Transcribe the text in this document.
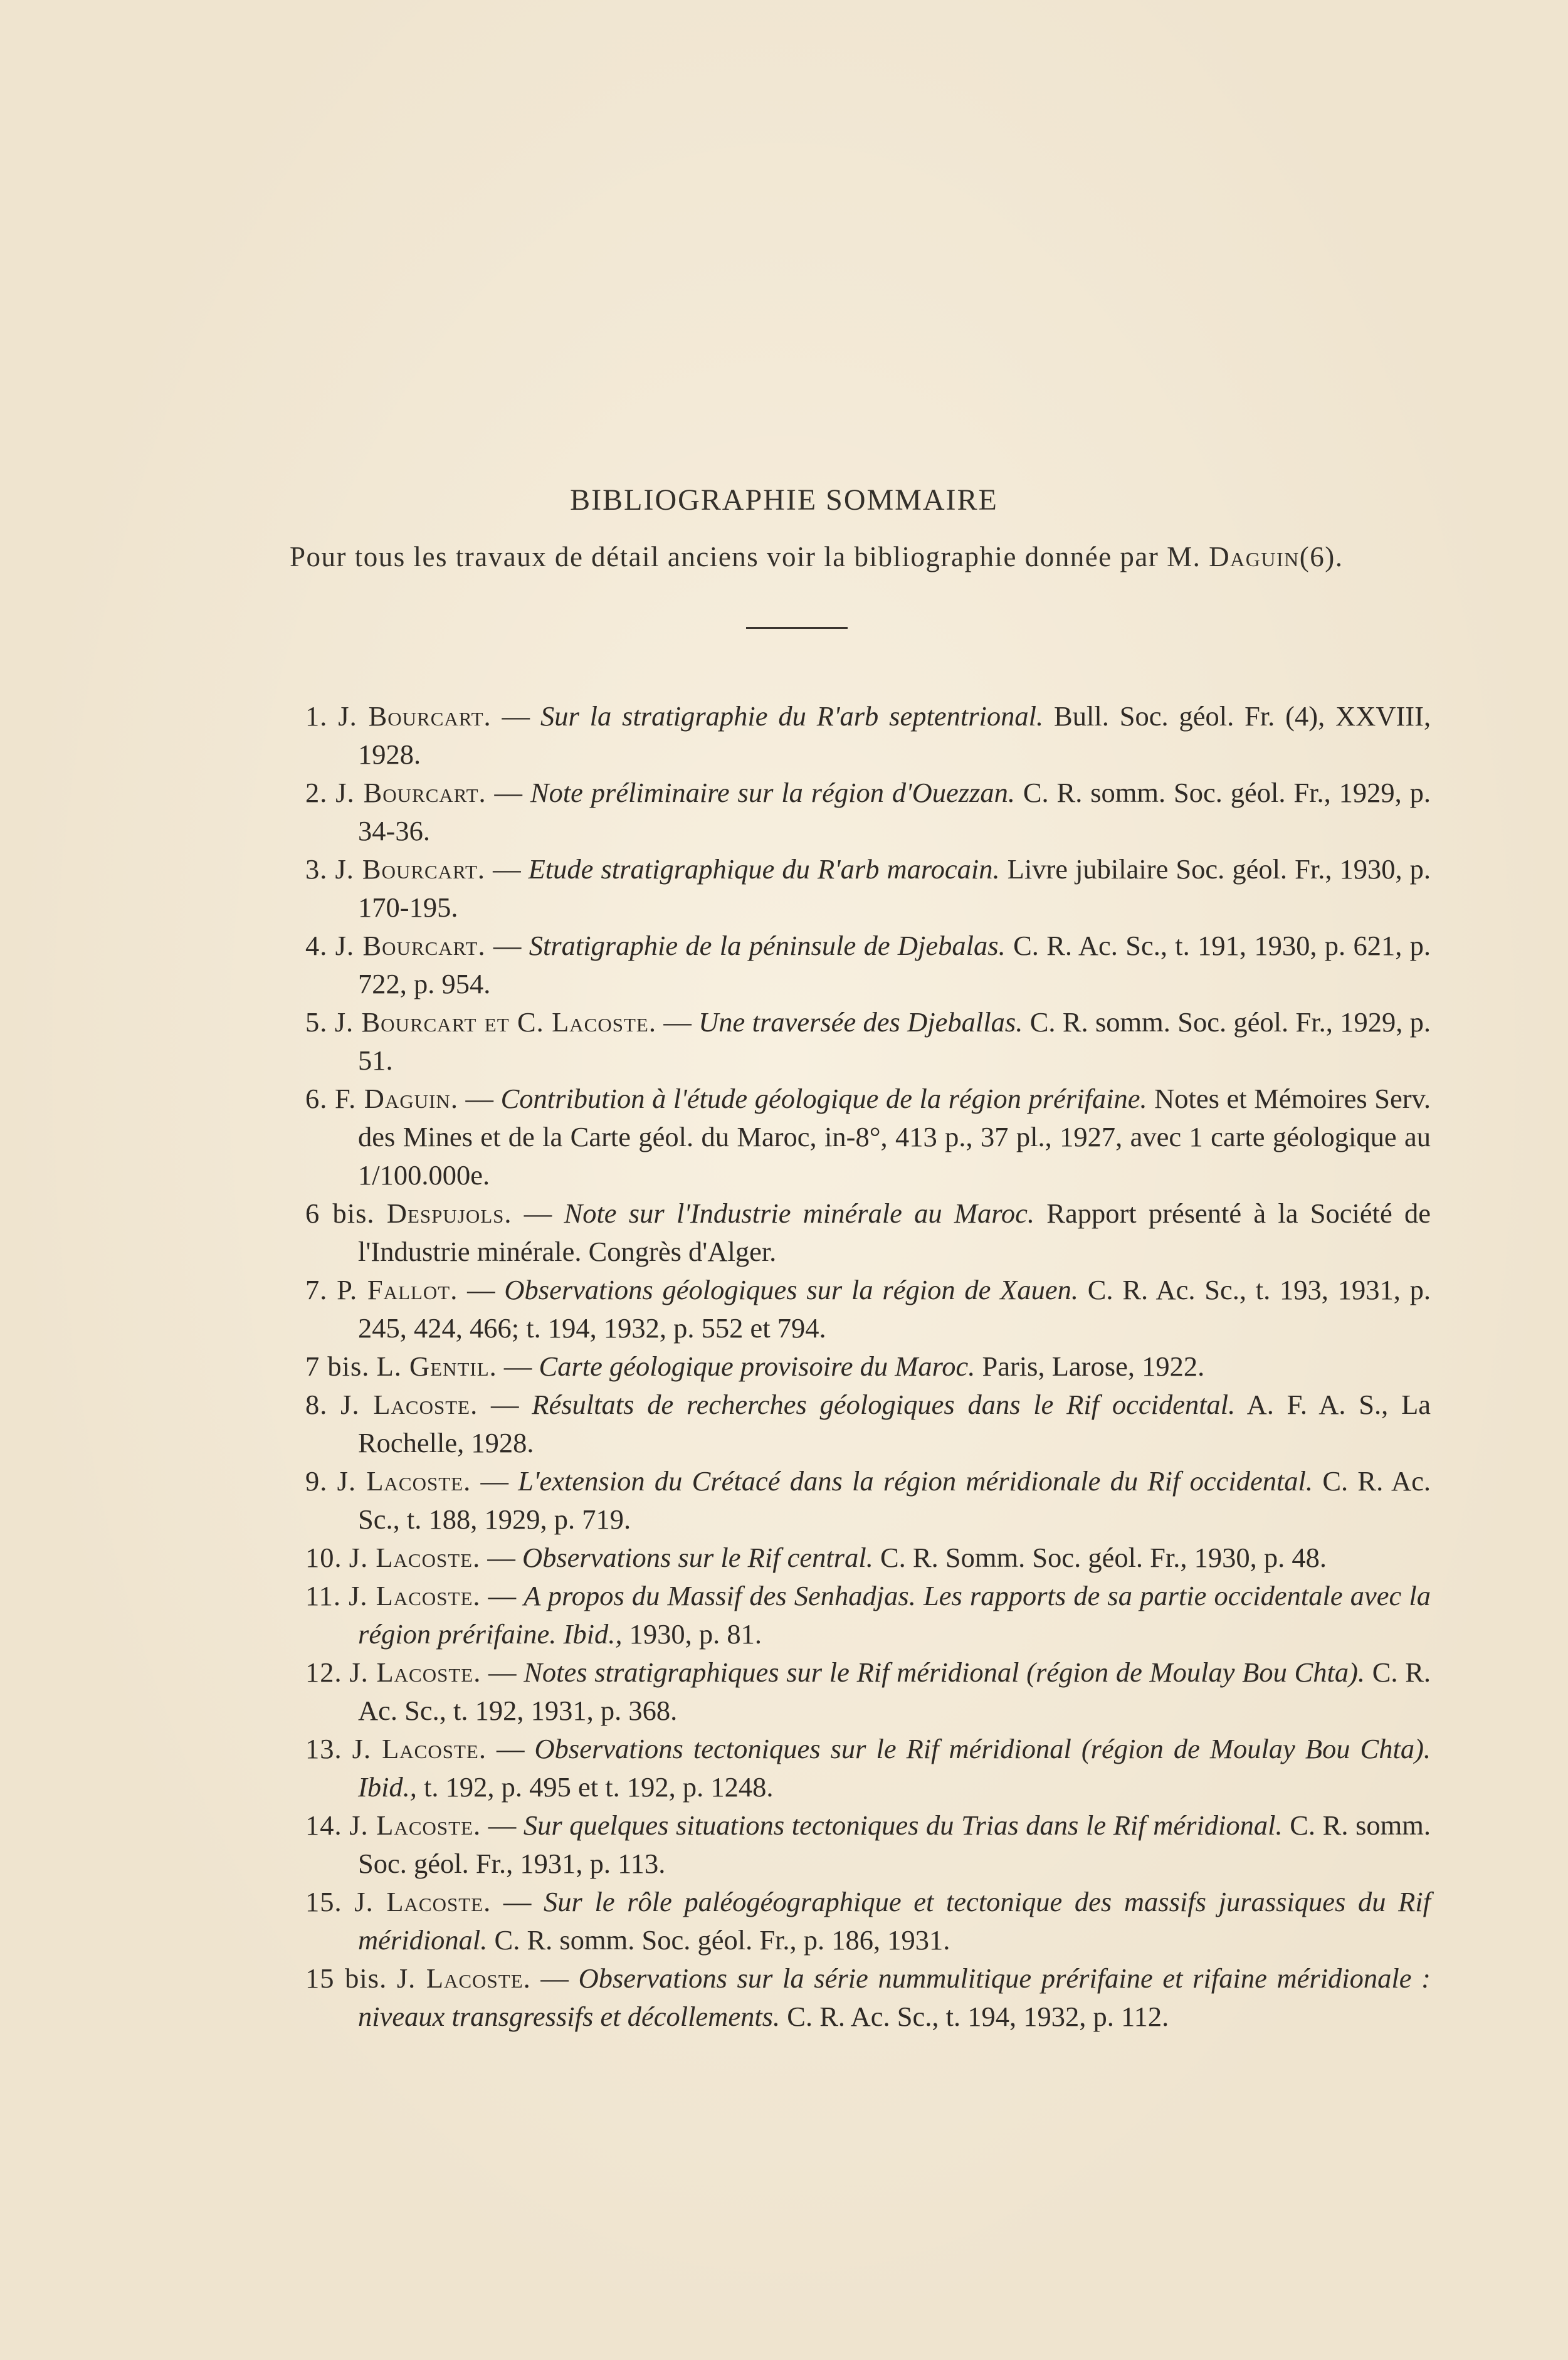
BIBLIOGRAPHIE SOMMAIRE
Pour tous les travaux de détail anciens voir la bibliographie donnée par M. Daguin(6).
1. J. Bourcart. — Sur la stratigraphie du R'arb septentrional. Bull. Soc. géol. Fr. (4), XXVIII, 1928.
2. J. Bourcart. — Note préliminaire sur la région d'Ouezzan. C. R. somm. Soc. géol. Fr., 1929, p. 34-36.
3. J. Bourcart. — Etude stratigraphique du R'arb marocain. Livre jubilaire Soc. géol. Fr., 1930, p. 170-195.
4. J. Bourcart. — Stratigraphie de la péninsule de Djebalas. C. R. Ac. Sc., t. 191, 1930, p. 621, p. 722, p. 954.
5. J. Bourcart et C. Lacoste. — Une traversée des Djeballas. C. R. somm. Soc. géol. Fr., 1929, p. 51.
6. F. Daguin. — Contribution à l'étude géologique de la région prérifaine. Notes et Mémoires Serv. des Mines et de la Carte géol. du Maroc, in-8°, 413 p., 37 pl., 1927, avec 1 carte géologique au 1/100.000e.
6 bis. Despujols. — Note sur l'Industrie minérale au Maroc. Rapport présenté à la Société de l'Industrie minérale. Congrès d'Alger.
7. P. Fallot. — Observations géologiques sur la région de Xauen. C. R. Ac. Sc., t. 193, 1931, p. 245, 424, 466; t. 194, 1932, p. 552 et 794.
7 bis. L. Gentil. — Carte géologique provisoire du Maroc. Paris, Larose, 1922.
8. J. Lacoste. — Résultats de recherches géologiques dans le Rif occidental. A. F. A. S., La Rochelle, 1928.
9. J. Lacoste. — L'extension du Crétacé dans la région méridionale du Rif occidental. C. R. Ac. Sc., t. 188, 1929, p. 719.
10. J. Lacoste. — Observations sur le Rif central. C. R. Somm. Soc. géol. Fr., 1930, p. 48.
11. J. Lacoste. — A propos du Massif des Senhadjas. Les rapports de sa partie occidentale avec la région prérifaine. Ibid., 1930, p. 81.
12. J. Lacoste. — Notes stratigraphiques sur le Rif méridional (région de Moulay Bou Chta). C. R. Ac. Sc., t. 192, 1931, p. 368.
13. J. Lacoste. — Observations tectoniques sur le Rif méridional (région de Moulay Bou Chta). Ibid., t. 192, p. 495 et t. 192, p. 1248.
14. J. Lacoste. — Sur quelques situations tectoniques du Trias dans le Rif méridional. C. R. somm. Soc. géol. Fr., 1931, p. 113.
15. J. Lacoste. — Sur le rôle paléogéographique et tectonique des massifs jurassiques du Rif méridional. C. R. somm. Soc. géol. Fr., p. 186, 1931.
15 bis. J. Lacoste. — Observations sur la série nummulitique prérifaine et rifaine méridionale : niveaux transgressifs et décollements. C. R. Ac. Sc., t. 194, 1932, p. 112.
